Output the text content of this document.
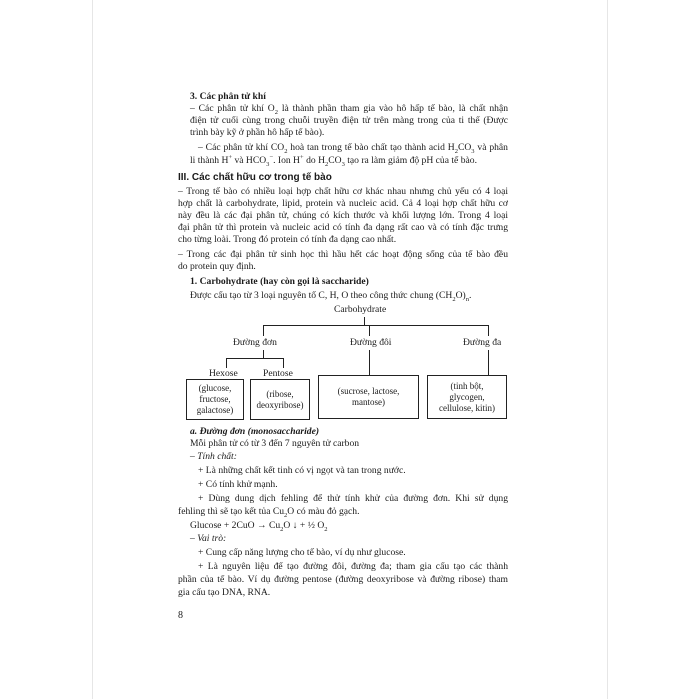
3. Các phân tử khí
– Các phân tử khí $O_2$ là thành phần tham gia vào hô hấp tế bào, là chất nhận
điện tử cuối cùng trong chuỗi truyền điện tử trên màng trong của ti thể (Được
trình bày kỹ ở phần hô hấp tế bào).
– Các phân tử khí $CO_2$ hoà tan trong tế bào chất tạo thành acid $H_2CO_3$ và phân
li thành H+ và $HCO_3^-$. Ion H+ do $H_2CO_3$ tạo ra làm giảm độ pH của tế bào.
III. Các chất hữu cơ trong tế bào
– Trong tế bào có nhiều loại hợp chất hữu cơ khác nhau nhưng chủ yếu có 4 loại
hợp chất là carbohydrate, lipid, protein và nucleic acid. Cả 4 loại hợp chất hữu cơ
này đều là các đại phân tử, chúng có kích thước và khối lượng lớn. Trong 4 loại
đại phân tử thì protein và nucleic acid có tính đa dạng rất cao và có tính đặc trưng
cho từng loài. Trong đó protein có tính đa dạng cao nhất.
– Trong các đại phân tử sinh học thì hầu hết các hoạt động sống của tế bào đều
do protein quy định.
1. Carbohydrate (hay còn gọi là saccharide)
Được cấu tạo từ 3 loại nguyên tố C, H, O theo công thức chung $(CH_2O)_n$.
Carbohydrate
Đường đơn	Đường đôi	Đường đa
Hexose	Pentose
(glucose,
fructose,
galactose)
(ribose,
deoxyribose)
(sucrose, lactose,
mantose)
(tinh bột,
glycogen,
cellulose, kitin)
a. Đường đơn (monosaccharide)
Mỗi phân tử có từ 3 đến 7 nguyên tử carbon
– Tính chất:
+ Là những chất kết tinh có vị ngọt và tan trong nước.
+ Có tính khử mạnh.
+ Dùng dung dịch fehling để thử tính khử của đường đơn. Khi sử dụng
fehling thì sẽ tạo kết tủa $Cu_2O$ có màu đỏ gạch.
$Glucose + 2CuO \to Cu_2O$ ↓ + ½ $O_2$
– Vai trò:
+ Cung cấp năng lượng cho tế bào, ví dụ như glucose.
+ Là nguyên liệu để tạo đường đôi, đường đa; tham gia cấu tạo các thành
phần của tế bào. Ví dụ đường pentose (đường deoxyribose và đường ribose) tham
gia cấu tạo DNA, RNA.
8
